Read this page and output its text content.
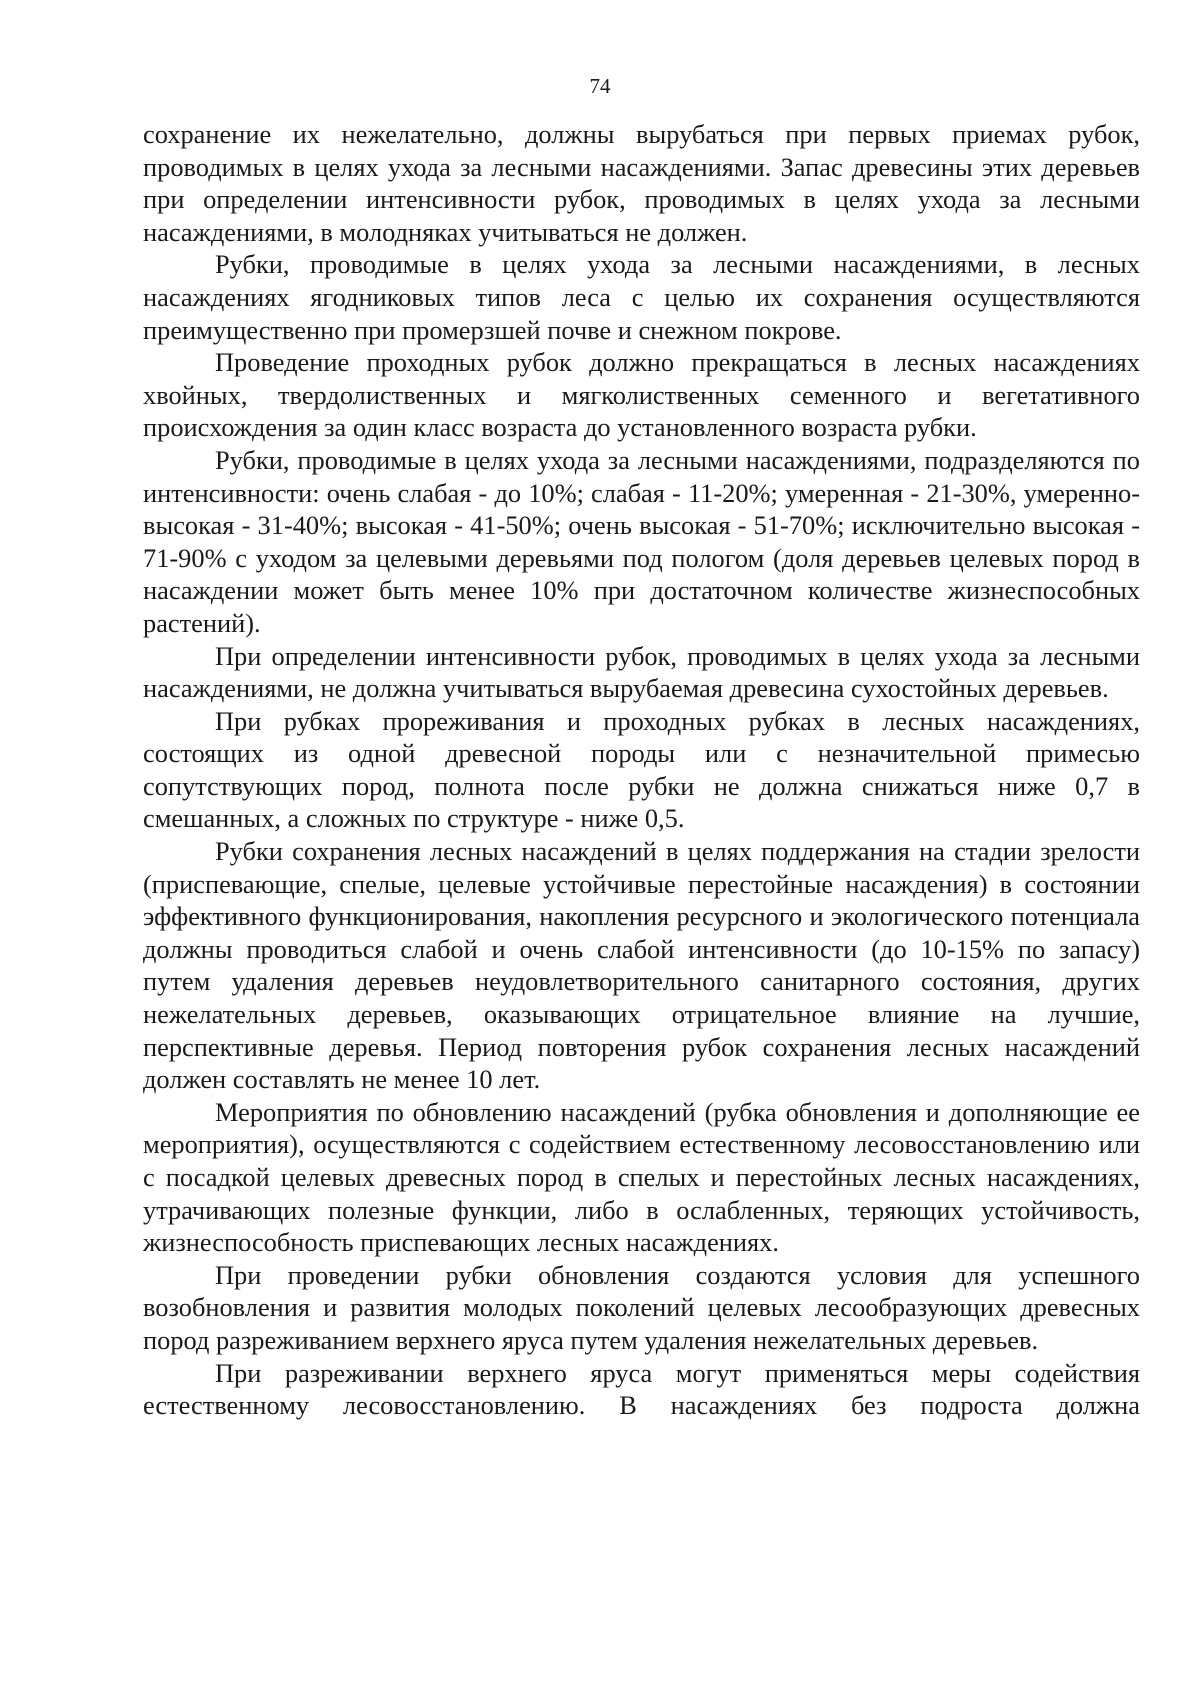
74

сохранение их нежелательно, должны вырубаться при первых приемах рубок, проводимых в целях ухода за лесными насаждениями. Запас древесины этих деревьев при определении интенсивности рубок, проводимых в целях ухода за лесными насаждениями, в молодняках учитываться не должен.

Рубки, проводимые в целях ухода за лесными насаждениями, в лесных насаждениях ягодниковых типов леса с целью их сохранения осуществляются преимущественно при промерзшей почве и снежном покрове.

Проведение проходных рубок должно прекращаться в лесных насаждениях хвойных, твердолиственных и мягколиственных семенного и вегетативного происхождения за один класс возраста до установленного возраста рубки.

Рубки, проводимые в целях ухода за лесными насаждениями, подразделяются по интенсивности: очень слабая - до 10%; слабая - 11-20%; умеренная - 21-30%, умеренно-высокая - 31-40%; высокая - 41-50%; очень высокая - 51-70%; исключительно высокая - 71-90% с уходом за целевыми деревьями под пологом (доля деревьев целевых пород в насаждении может быть менее 10% при достаточном количестве жизнеспособных растений).

При определении интенсивности рубок, проводимых в целях ухода за лесными насаждениями, не должна учитываться вырубаемая древесина сухостойных деревьев.

При рубках прореживания и проходных рубках в лесных насаждениях, состоящих из одной древесной породы или с незначительной примесью сопутствующих пород, полнота после рубки не должна снижаться ниже 0,7 в смешанных, а сложных по структуре - ниже 0,5.

Рубки сохранения лесных насаждений в целях поддержания на стадии зрелости (приспевающие, спелые, целевые устойчивые перестойные насаждения) в состоянии эффективного функционирования, накопления ресурсного и экологического потенциала должны проводиться слабой и очень слабой интенсивности (до 10-15% по запасу) путем удаления деревьев неудовлетворительного санитарного состояния, других нежелательных деревьев, оказывающих отрицательное влияние на лучшие, перспективные деревья. Период повторения рубок сохранения лесных насаждений должен составлять не менее 10 лет.

Мероприятия по обновлению насаждений (рубка обновления и дополняющие ее мероприятия), осуществляются с содействием естественному лесовосстановлению или с посадкой целевых древесных пород в спелых и перестойных лесных насаждениях, утрачивающих полезные функции, либо в ослабленных, теряющих устойчивость, жизнеспособность приспевающих лесных насаждениях.

При проведении рубки обновления создаются условия для успешного возобновления и развития молодых поколений целевых лесообразующих древесных пород разреживанием верхнего яруса путем удаления нежелательных деревьев.

При разреживании верхнего яруса могут применяться меры содействия естественному лесовосстановлению. В насаждениях без подроста должна
